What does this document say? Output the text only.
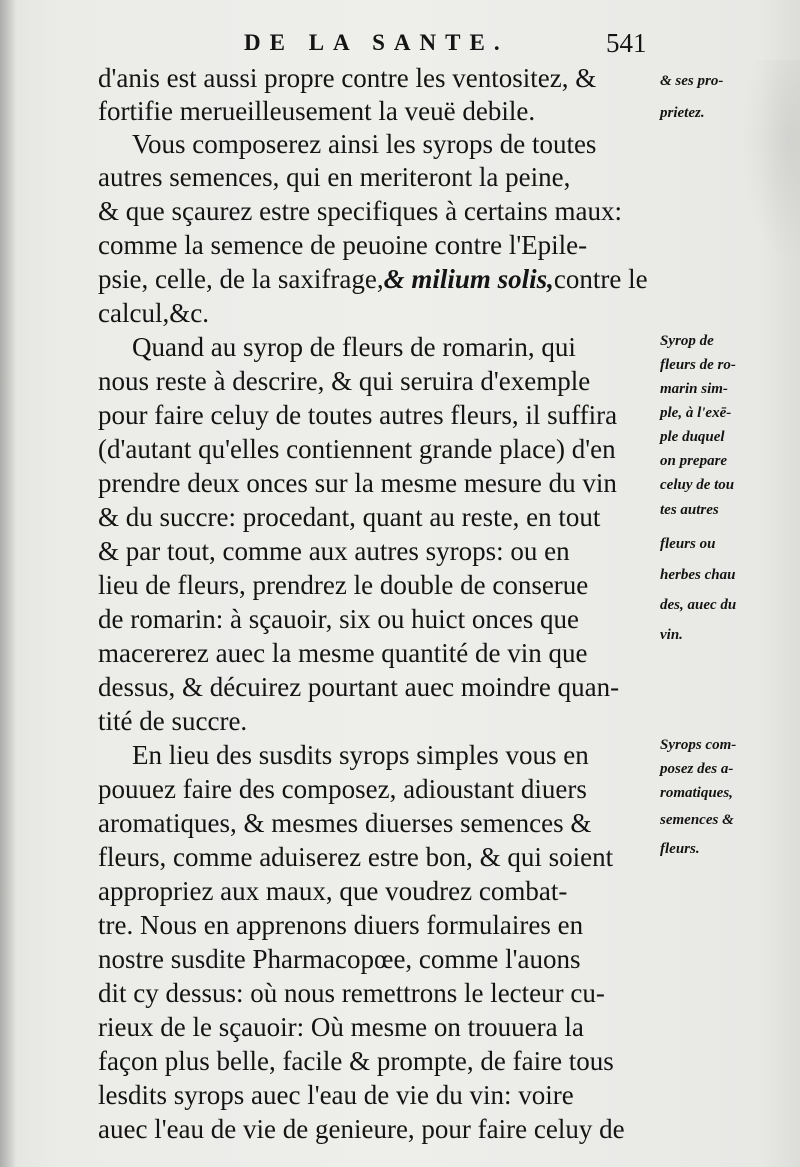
DE LA SANTE.	541
d'anis est aussi propre contre les ventositez, &
fortifie merueilleusement la veuë debile.
Vous composerez ainsi les syrops de toutes
autres semences, qui en meriteront la peine,
& que sçaurez estre specifiques à certains maux:
comme la semence de peuoine contre l'Epile-
psie, celle, de la saxifrage,& milium solis,contre le
calcul,&c.
Quand au syrop de fleurs de romarin, qui
nous reste à descrire, & qui seruira d'exemple
pour faire celuy de toutes autres fleurs, il suffira
(d'autant qu'elles contiennent grande place) d'en
prendre deux onces sur la mesme mesure du vin
& du succre: procedant, quant au reste, en tout
& par tout, comme aux autres syrops: ou en
lieu de fleurs, prendrez le double de conserue
de romarin: à sçauoir, six ou huict onces que
macererez auec la mesme quantité de vin que
dessus, & décuirez pourtant auec moindre quan-
tité de succre.
En lieu des susdits syrops simples vous en
pouuez faire des composez, adioustant diuers
aromatiques, & mesmes diuerses semences &
fleurs, comme aduiserez estre bon, & qui soient
appropriez aux maux, que voudrez combat-
tre. Nous en apprenons diuers formulaires en
nostre susdite Pharmacopœe, comme l'auons
dit cy dessus: où nous remettrons le lecteur cu-
rieux de le sçauoir: Où mesme on trouuera la
façon plus belle, facile & prompte, de faire tous
lesdits syrops auec l'eau de vie du vin: voire
auec l'eau de vie de genieure, pour faire celuy de
& ses pro-
prietez.
Syrop de
fleurs de ro-
marin sim-
ple, à l'exē-
ple duquel
on prepare
celuy de tou
tes autres
fleurs ou
herbes chau
des, auec du
vin.
Syrops com-
posez des a-
romatiques,
semences &
fleurs.
